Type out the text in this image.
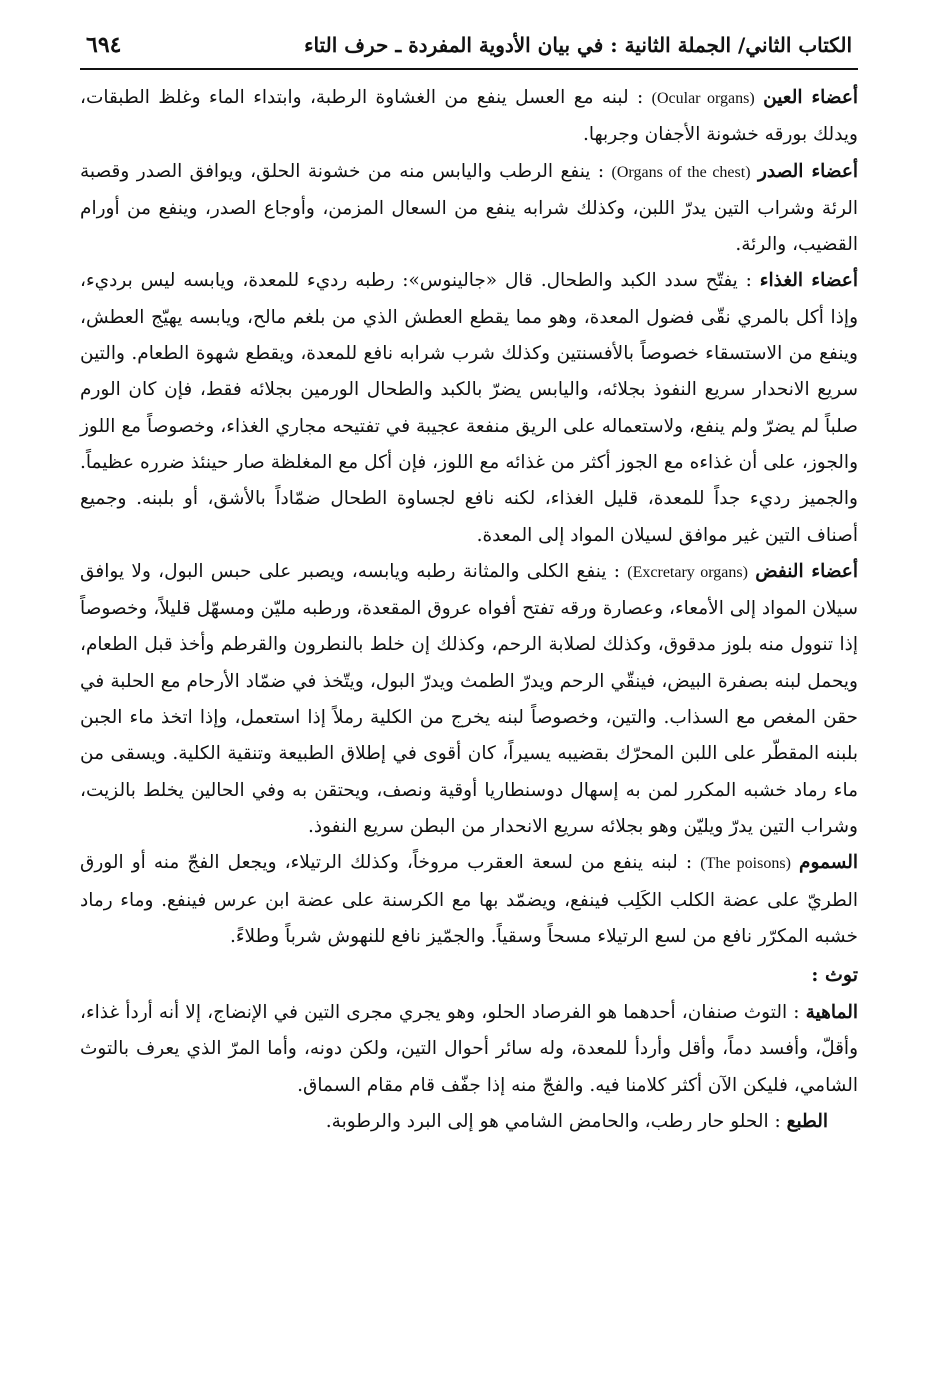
الكتاب الثاني/ الجملة الثانية : في بيان الأدوية المفردة ـ حرف التاء
٦٩٤

أعضاء العين (Ocular organs) : لبنه مع العسل ينفع من الغشاوة الرطبة، وابتداء الماء وغلظ الطبقات، ويدلك بورقه خشونة الأجفان وجربها.

أعضاء الصدر (Organs of the chest) : ينفع الرطب واليابس منه من خشونة الحلق، ويوافق الصدر وقصبة الرئة وشراب التين يدرّ اللبن، وكذلك شرابه ينفع من السعال المزمن، وأوجاع الصدر، وينفع من أورام القضيب، والرئة.

أعضاء الغذاء : يفتّح سدد الكبد والطحال. قال «جالينوس»: رطبه رديء للمعدة، ويابسه ليس برديء، وإذا أكل بالمري نقّى فضول المعدة، وهو مما يقطع العطش الذي من بلغم مالح، ويابسه يهيّج العطش، وينفع من الاستسقاء خصوصاً بالأفسنتين وكذلك شرب شرابه نافع للمعدة، ويقطع شهوة الطعام. والتين سريع الانحدار سريع النفوذ بجلائه، واليابس يضرّ بالكبد والطحال الورمين بجلائه فقط، فإن كان الورم صلباً لم يضرّ ولم ينفع، ولاستعماله على الريق منفعة عجيبة في تفتيحه مجاري الغذاء، وخصوصاً مع اللوز والجوز، على أن غذاءه مع الجوز أكثر من غذائه مع اللوز، فإن أكل مع المغلظة صار حينئذ ضرره عظيماً. والجميز رديء جداً للمعدة، قليل الغذاء، لكنه نافع لجساوة الطحال ضمّاداً بالأشق، أو بلبنه. وجميع أصناف التين غير موافق لسيلان المواد إلى المعدة.

أعضاء النفض (Excretary organs) : ينفع الكلى والمثانة رطبه ويابسه، ويصبر على حبس البول، ولا يوافق سيلان المواد إلى الأمعاء، وعصارة ورقه تفتح أفواه عروق المقعدة، ورطبه مليّن ومسهّل قليلاً، وخصوصاً إذا تنوول منه بلوز مدقوق، وكذلك لصلابة الرحم، وكذلك إن خلط بالنطرون والقرطم وأخذ قبل الطعام، ويحمل لبنه بصفرة البيض، فينقّي الرحم ويدرّ الطمث ويدرّ البول، ويتّخذ في ضمّاد الأرحام مع الحلبة في حقن المغص مع السذاب. والتين، وخصوصاً لبنه يخرج من الكلية رملاً إذا استعمل، وإذا اتخذ ماء الجبن بلبنه المقطّر على اللبن المحرّك بقضيبه يسيراً، كان أقوى في إطلاق الطبيعة وتنقية الكلية. ويسقى من ماء رماد خشبه المكرر لمن به إسهال دوسنطاريا أوقية ونصف، ويحتقن به وفي الحالين يخلط بالزيت، وشراب التين يدرّ ويليّن وهو بجلائه سريع الانحدار من البطن سريع النفوذ.

السموم (The poisons) : لبنه ينفع من لسعة العقرب مروخاً، وكذلك الرتيلاء، ويجعل الفجّ منه أو الورق الطريّ على عضة الكلب الكَلِب فينفع، ويضمّد بها مع الكرسنة على عضة ابن عرس فينفع. وماء رماد خشبه المكرّر نافع من لسع الرتيلاء مسحاً وسقياً. والجمّيز نافع للنهوش شرباً وطلاءً.

توث :

الماهية : التوث صنفان، أحدهما هو الفرصاد الحلو، وهو يجري مجرى التين في الإنضاج، إلا أنه أردأ غذاء، وأقلّ، وأفسد دماً، وأقل وأردأ للمعدة، وله سائر أحوال التين، ولكن دونه، وأما المرّ الذي يعرف بالتوث الشامي، فليكن الآن أكثر كلامنا فيه. والفجّ منه إذا جفّف قام مقام السماق.

الطبع : الحلو حار رطب، والحامض الشامي هو إلى البرد والرطوبة.
